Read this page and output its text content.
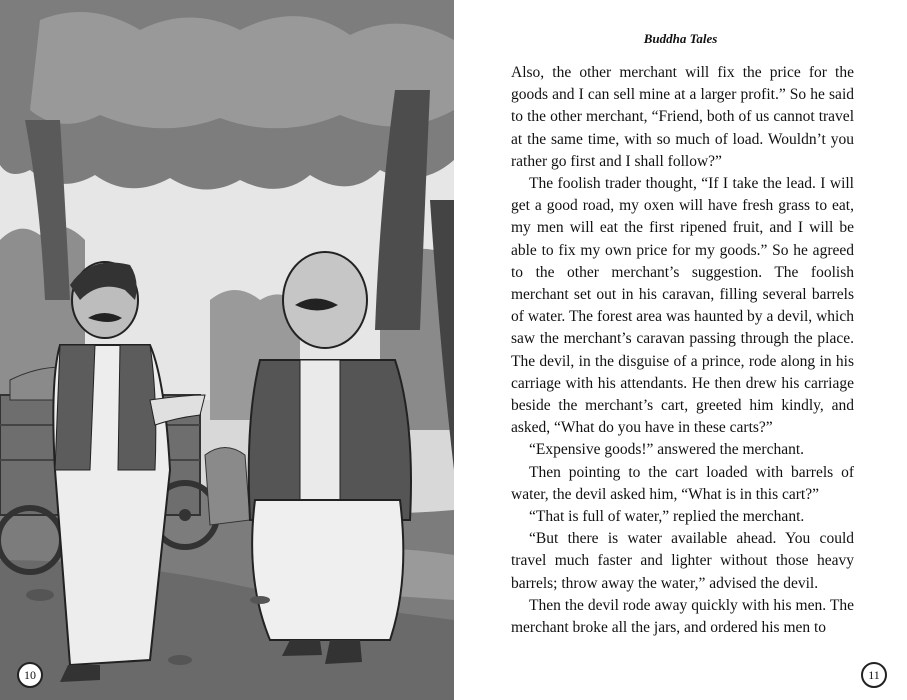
10
Buddha Tales

Also, the other merchant will fix the price for the goods and I can sell mine at a larger profit.” So he said to the other merchant, “Friend, both of us cannot travel at the same time, with so much of load. Wouldn’t you rather go first and I shall follow?”

The foolish trader thought, “If I take the lead. I will get a good road, my oxen will have fresh grass to eat, my men will eat the first ripened fruit, and I will be able to fix my own price for my goods.” So he agreed to the other merchant’s suggestion. The foolish merchant set out in his caravan, filling several barrels of water. The forest area was haunted by a devil, which saw the merchant’s caravan passing through the place. The devil, in the disguise of a prince, rode along in his carriage with his attendants. He then drew his carriage beside the merchant’s cart, greeted him kindly, and asked, “What do you have in these carts?”

“Expensive goods!” answered the merchant.

Then pointing to the cart loaded with barrels of water, the devil asked him, “What is in this cart?”

“That is full of water,” replied the merchant.

“But there is water available ahead. You could travel much faster and lighter without those heavy barrels; throw away the water,” advised the devil.

Then the devil rode away quickly with his men. The merchant broke all the jars, and ordered his men to

11
